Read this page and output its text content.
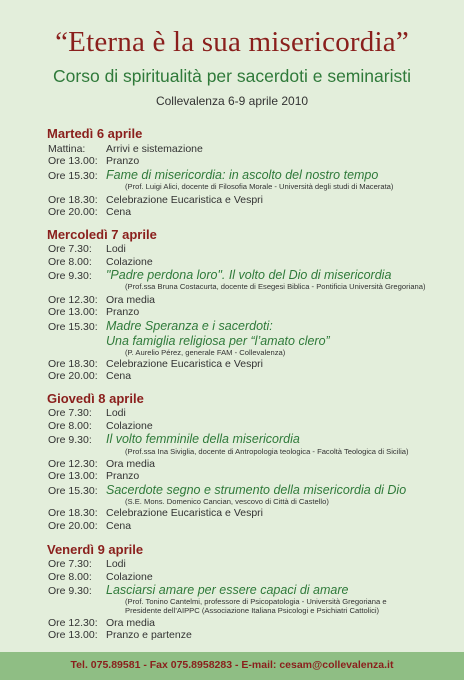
“Eterna è la sua misericordia”
Corso di spiritualità per sacerdoti e seminaristi
Collevalenza 6-9 aprile 2010
Martedì 6 aprile
Mattina: Arrivi e sistemazione
Ore 13.00: Pranzo
Ore 15.30: Fame di misericordia: in ascolto del nostro tempo
(Prof. Luigi Alici, docente di Filosofia Morale - Università degli studi di Macerata)
Ore 18.30: Celebrazione Eucaristica e Vespri
Ore 20.00: Cena
Mercoledì 7 aprile
Ore 7.30: Lodi
Ore 8.00: Colazione
Ore 9.30: "Padre perdona loro". Il volto del Dio di misericordia
(Prof.ssa Bruna Costacurta, docente di Esegesi Biblica - Pontificia Università Gregoriana)
Ore 12.30: Ora media
Ore 13.00: Pranzo
Ore 15.30: Madre Speranza e i sacerdoti:
Una famiglia religiosa per “l’amato clero”
(P. Aurelio Pérez, generale FAM - Collevalenza)
Ore 18.30: Celebrazione Eucaristica e Vespri
Ore 20.00: Cena
Giovedì 8 aprile
Ore 7.30: Lodi
Ore 8.00: Colazione
Ore 9.30: Il volto femminile della misericordia
(Prof.ssa Ina Siviglia, docente di Antropologia teologica - Facoltà Teologica di Sicilia)
Ore 12.30: Ora media
Ore 13.00: Pranzo
Ore 15.30: Sacerdote segno e strumento della misericordia di Dio
(S.E. Mons. Domenico Cancian, vescovo di Città di Castello)
Ore 18.30: Celebrazione Eucaristica e Vespri
Ore 20.00: Cena
Venerdì 9 aprile
Ore 7.30: Lodi
Ore 8.00: Colazione
Ore 9.30: Lasciarsi amare per essere capaci di amare
(Prof. Tonino Cantelmi, professore di Psicopatologia - Università Gregoriana e
Presidente dell’AIPPC (Associazione Italiana Psicologi e Psichiatri Cattolici)
Ore 12.30: Ora media
Ore 13.00: Pranzo e partenze
Tel. 075.89581 - Fax 075.8958283 - E-mail: cesam@collevalenza.it
